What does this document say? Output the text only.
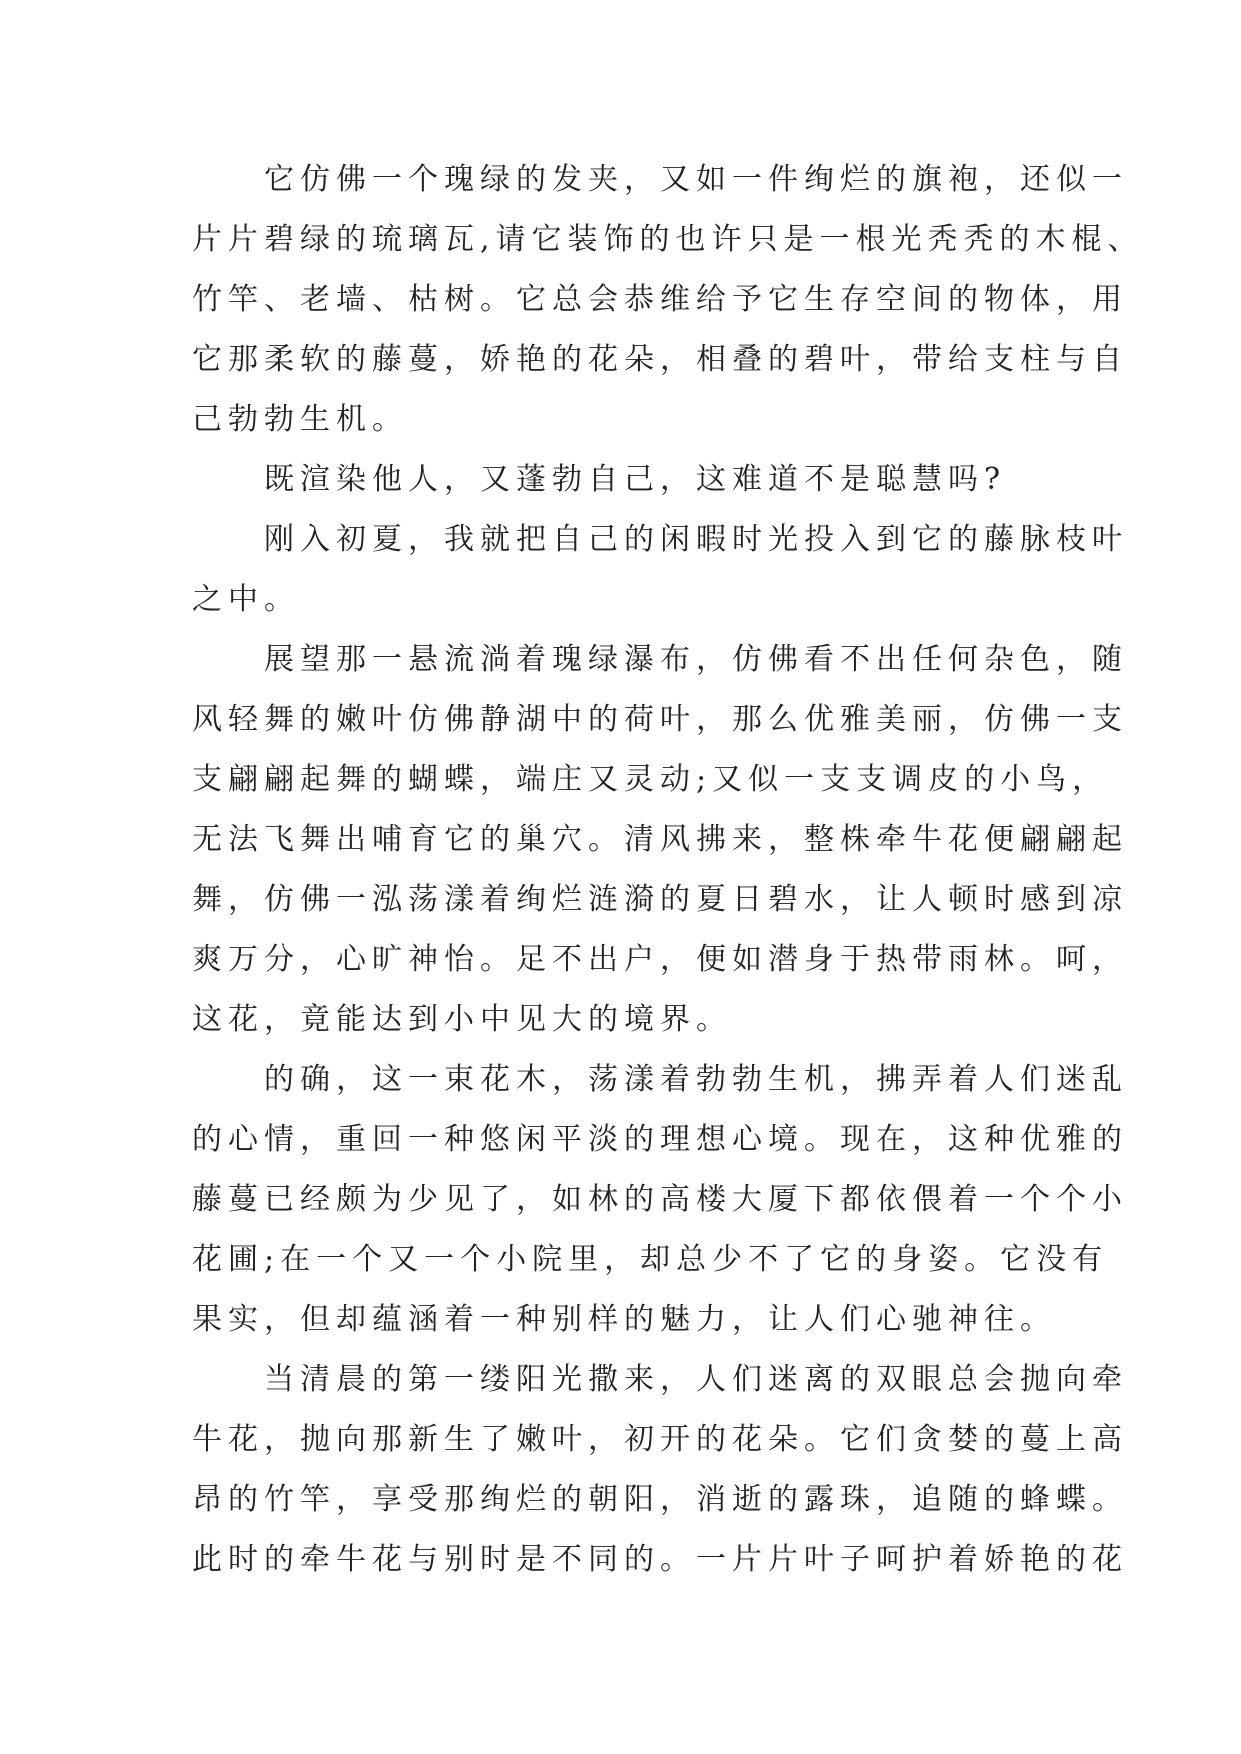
　　它仿佛一个瑰绿的发夹，又如一件绚烂的旗袍，还似一
片片碧绿的琉璃瓦,请它装饰的也许只是一根光秃秃的木棍、
竹竿、老墙、枯树。它总会恭维给予它生存空间的物体，用
它那柔软的藤蔓，娇艳的花朵，相叠的碧叶，带给支柱与自
己勃勃生机。
　　既渲染他人，又蓬勃自己，这难道不是聪慧吗?
　　刚入初夏，我就把自己的闲暇时光投入到它的藤脉枝叶
之中。
　　展望那一悬流淌着瑰绿瀑布，仿佛看不出任何杂色，随
风轻舞的嫩叶仿佛静湖中的荷叶，那么优雅美丽，仿佛一支
支翩翩起舞的蝴蝶，端庄又灵动;又似一支支调皮的小鸟，
无法飞舞出哺育它的巢穴。清风拂来，整株牵牛花便翩翩起
舞，仿佛一泓荡漾着绚烂涟漪的夏日碧水，让人顿时感到凉
爽万分，心旷神怡。足不出户，便如潜身于热带雨林。呵，
这花，竟能达到小中见大的境界。
　　的确，这一束花木，荡漾着勃勃生机，拂弄着人们迷乱
的心情，重回一种悠闲平淡的理想心境。现在，这种优雅的
藤蔓已经颇为少见了，如林的高楼大厦下都依偎着一个个小
花圃;在一个又一个小院里，却总少不了它的身姿。它没有
果实，但却蕴涵着一种别样的魅力，让人们心驰神往。
　　当清晨的第一缕阳光撒来，人们迷离的双眼总会抛向牵
牛花，抛向那新生了嫩叶，初开的花朵。它们贪婪的蔓上高
昂的竹竿，享受那绚烂的朝阳，消逝的露珠，追随的蜂蝶。
此时的牵牛花与别时是不同的。一片片叶子呵护着娇艳的花
